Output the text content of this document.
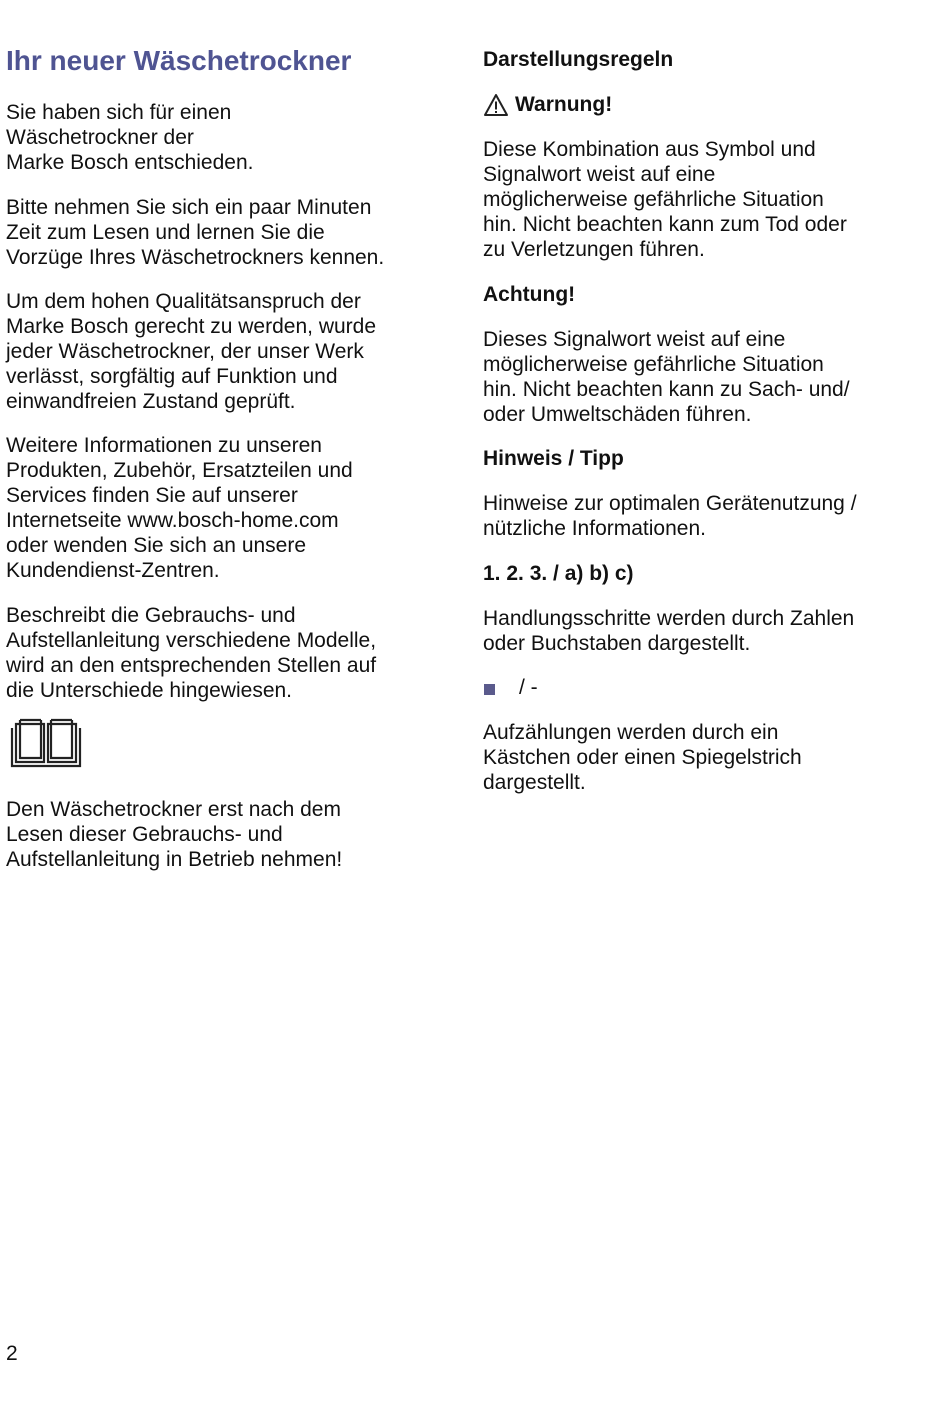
Ihr neuer Wäschetrockner

Sie haben sich für einen
Wäschetrockner der
Marke Bosch entschieden.

Bitte nehmen Sie sich ein paar Minuten
Zeit zum Lesen und lernen Sie die
Vorzüge Ihres Wäschetrockners kennen.

Um dem hohen Qualitätsanspruch der
Marke Bosch gerecht zu werden, wurde
jeder Wäschetrockner, der unser Werk
verlässt, sorgfältig auf Funktion und
einwandfreien Zustand geprüft.

Weitere Informationen zu unseren
Produkten, Zubehör, Ersatzteilen und
Services finden Sie auf unserer
Internetseite www.bosch-home.com
oder wenden Sie sich an unsere
Kundendienst-Zentren.

Beschreibt die Gebrauchs- und
Aufstellanleitung verschiedene Modelle,
wird an den entsprechenden Stellen auf
die Unterschiede hingewiesen.

Den Wäschetrockner erst nach dem
Lesen dieser Gebrauchs- und
Aufstellanleitung in Betrieb nehmen!

Darstellungsregeln
Warnung!

Diese Kombination aus Symbol und
Signalwort weist auf eine
möglicherweise gefährliche Situation
hin. Nicht beachten kann zum Tod oder
zu Verletzungen führen.

Achtung!

Dieses Signalwort weist auf eine
möglicherweise gefährliche Situation
hin. Nicht beachten kann zu Sach- und/
oder Umweltschäden führen.

Hinweis / Tipp

Hinweise zur optimalen Gerätenutzung /
nützliche Informationen.

1. 2. 3. / a) b) c)

Handlungsschritte werden durch Zahlen
oder Buchstaben dargestellt.

/ -

Aufzählungen werden durch ein
Kästchen oder einen Spiegelstrich
dargestellt.

2
